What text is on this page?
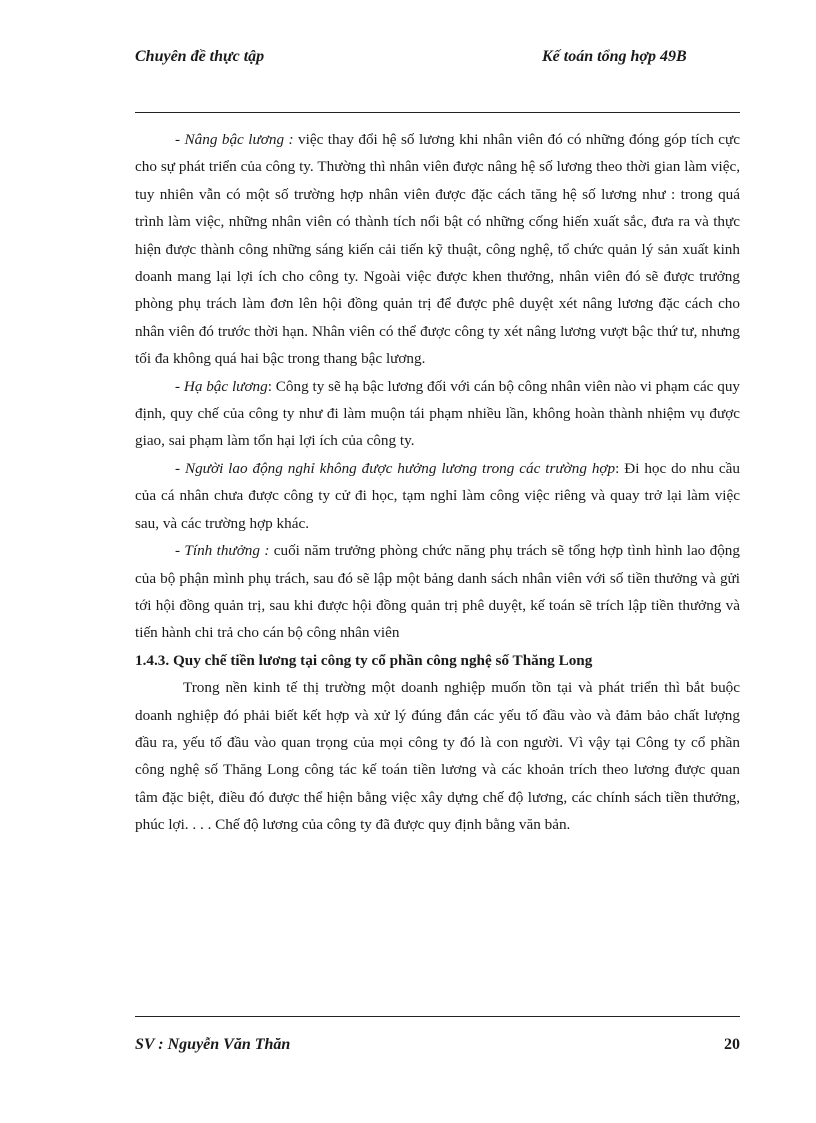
Chuyên đề thực tập	Kế toán tổng hợp 49B

- Nâng bậc lương : việc thay đổi hệ số lương khi nhân viên đó có những đóng góp tích cực cho sự phát triển của công ty. Thường thì nhân viên được nâng hệ số lương theo thời gian làm việc, tuy nhiên vẫn có một số trường hợp nhân viên được đặc cách tăng hệ số lương như : trong quá trình làm việc, những nhân viên có thành tích nổi bật có những cống hiến xuất sắc, đưa ra và thực hiện được thành công những sáng kiến cải tiến kỹ thuật, công nghệ, tổ chức quản lý sản xuất kinh doanh mang lại lợi ích cho công ty. Ngoài việc được khen thưởng, nhân viên đó sẽ được trưởng phòng phụ trách làm đơn lên hội đồng quản trị để được phê duyệt xét nâng lương đặc cách cho nhân viên đó trước thời hạn. Nhân viên có thể được công ty xét nâng lương vượt bậc thứ tư, nhưng tối đa không quá hai bậc trong thang bậc lương.

- Hạ bậc lương: Công ty sẽ hạ bậc lương đối với cán bộ công nhân viên nào vi phạm các quy định, quy chế của công ty như đi làm muộn tái phạm nhiều lần, không hoàn thành nhiệm vụ được giao, sai phạm làm tổn hại lợi ích của công ty.

- Người lao động nghỉ không được hưởng lương trong các trường hợp: Đi học do nhu cầu của cá nhân chưa được công ty cử đi học, tạm nghỉ làm công việc riêng và quay trở lại làm việc sau, và các trường hợp khác.

- Tính thưởng : cuối năm trưởng phòng chức năng phụ trách sẽ tổng hợp tình hình lao động của bộ phận mình phụ trách, sau đó sẽ lập một bảng danh sách nhân viên với số tiền thưởng và gửi tới hội đồng quản trị, sau khi được hội đồng quản trị phê duyệt, kế toán sẽ trích lập tiền thưởng và tiến hành chi trả cho cán bộ công nhân viên

1.4.3. Quy chế tiền lương tại công ty cổ phần công nghệ số Thăng Long

Trong nền kinh tế thị trường một doanh nghiệp muốn tồn tại và phát triển thì bắt buộc doanh nghiệp đó phải biết kết hợp và xử lý đúng đắn các yếu tố đầu vào và đảm bảo chất lượng đầu ra, yếu tố đầu vào quan trọng của mọi công ty đó là con người. Vì vậy tại Công ty cổ phần công nghệ số Thăng Long công tác kế toán tiền lương và các khoản trích theo lương được quan tâm đặc biệt, điều đó được thể hiện bằng việc xây dựng chế độ lương, các chính sách tiền thưởng, phúc lợi. . . . Chế độ lương của công ty đã được quy định bằng văn bản.

SV : Nguyễn Văn Thăn	20
